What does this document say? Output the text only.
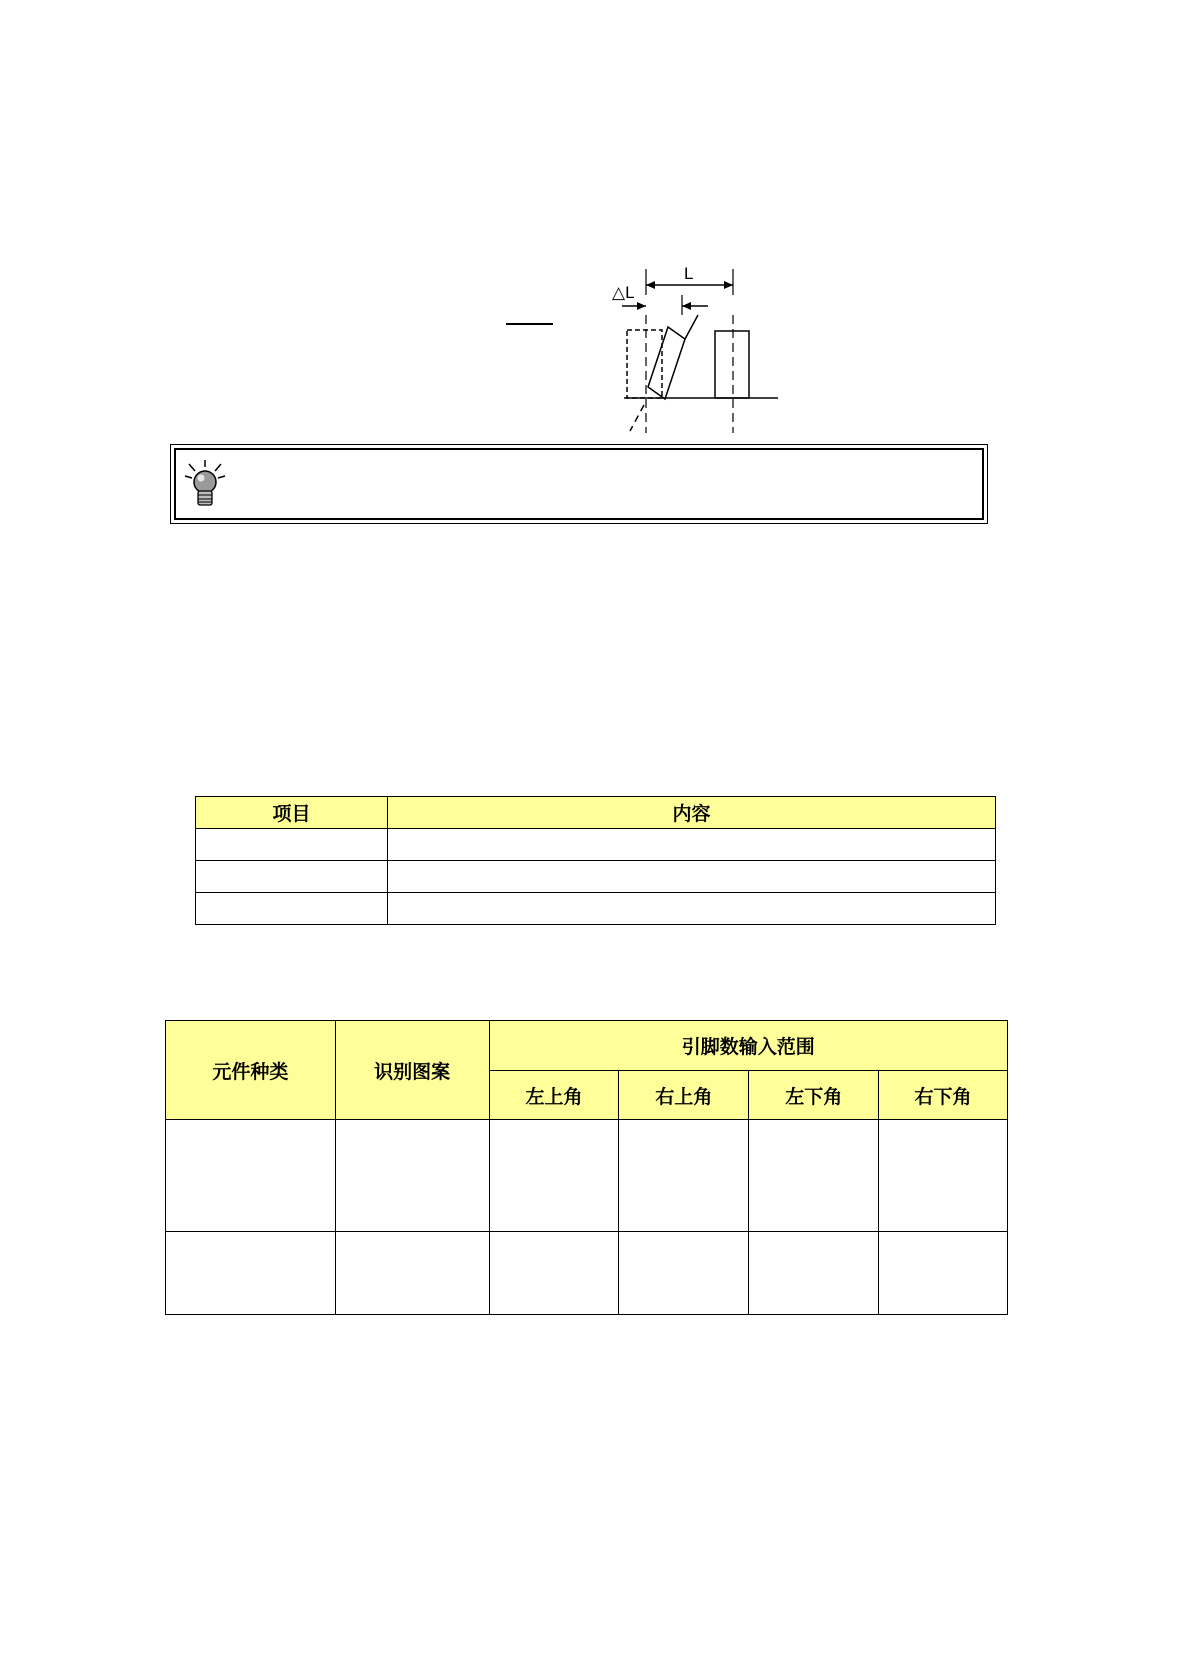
L
△L
项目	内容

元件种类	识别图案	引脚数输入范围			
		左上角	右上角	左下角	右下角
